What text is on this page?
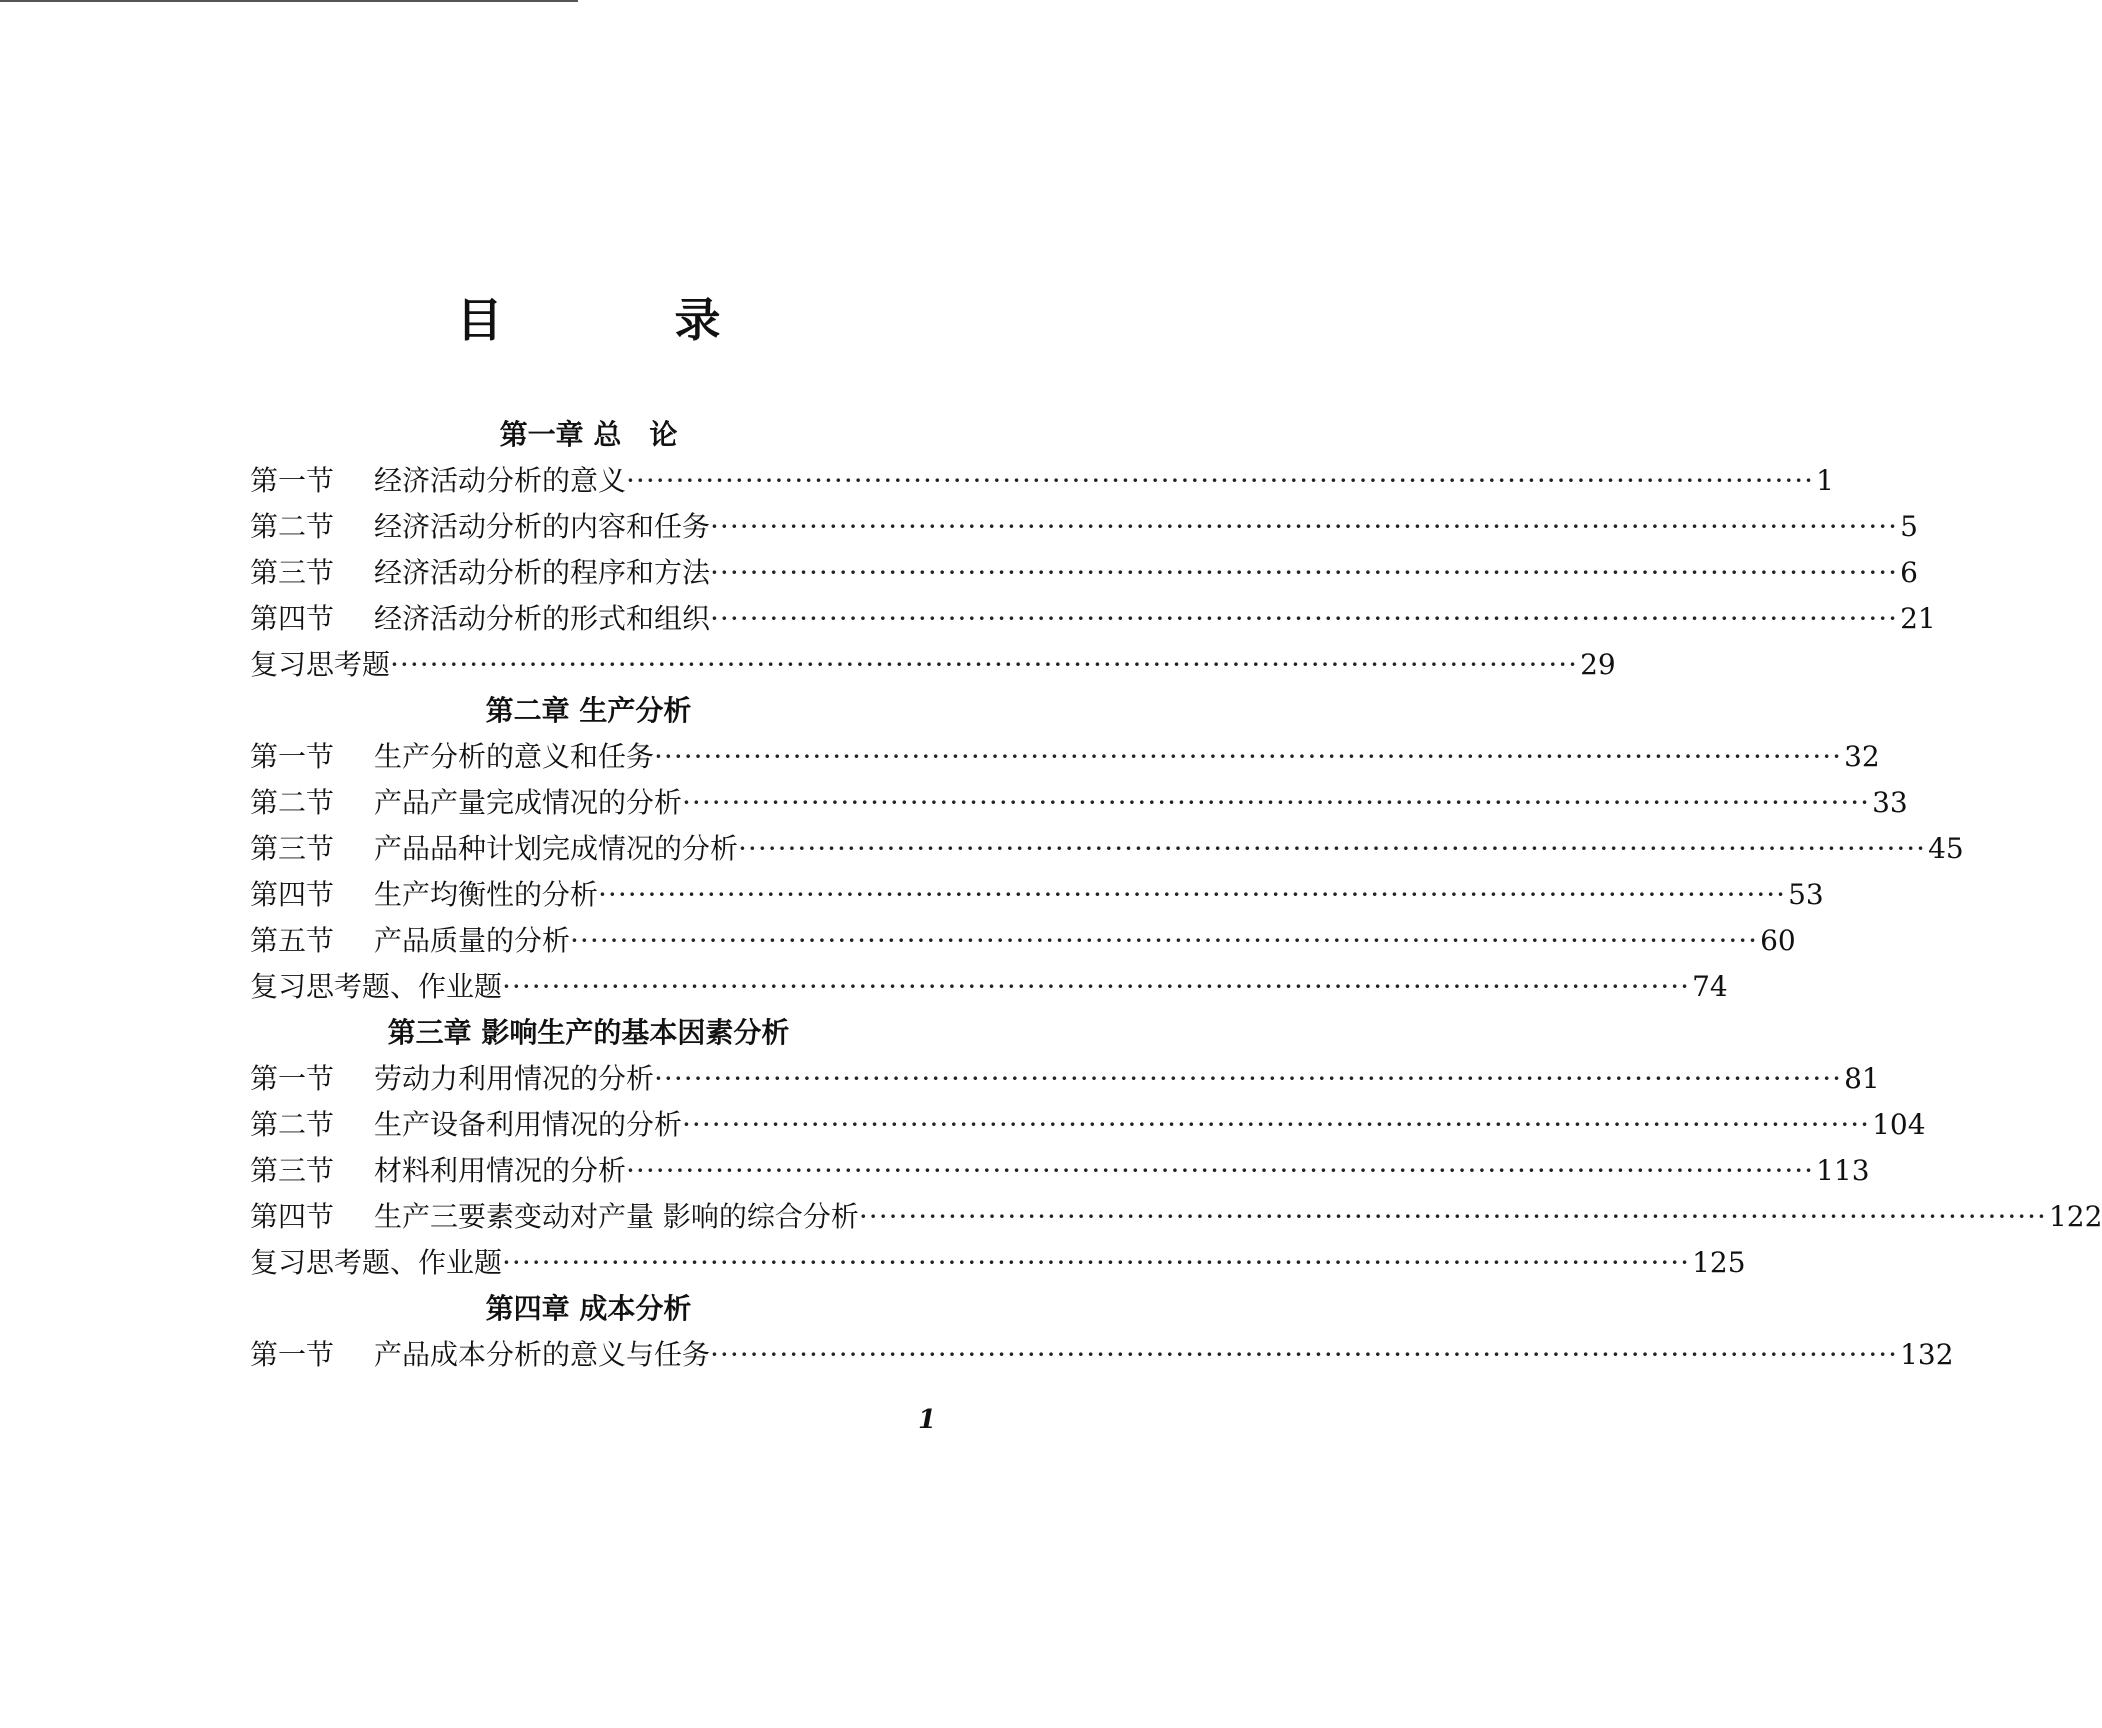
目 录
第一章 总　论
第一节	经济活动分析的意义 ························································································································ 1
第二节	经济活动分析的内容和任务 ························································································································ 5
第三节	经济活动分析的程序和方法 ························································································································ 6
第四节	经济活动分析的形式和组织 ························································································································ 21
复习思考题 ························································································································ 29
第二章 生产分析
第一节	生产分析的意义和任务 ························································································································ 32
第二节	产品产量完成情况的分析 ························································································································ 33
第三节	产品品种计划完成情况的分析 ························································································································ 45
第四节	生产均衡性的分析 ························································································································ 53
第五节	产品质量的分析 ························································································································ 60
复习思考题、作业题 ························································································································ 74
第三章 影响生产的基本因素分析
第一节	劳动力利用情况的分析 ························································································································ 81
第二节	生产设备利用情况的分析 ························································································································ 104
第三节	材料利用情况的分析 ························································································································ 113
第四节	生产三要素变动对产量 影响的综合分析 ························································································································ 122
复习思考题、作业题 ························································································································ 125
第四章 成本分析
第一节	产品成本分析的意义与任务 ························································································································ 132
1
